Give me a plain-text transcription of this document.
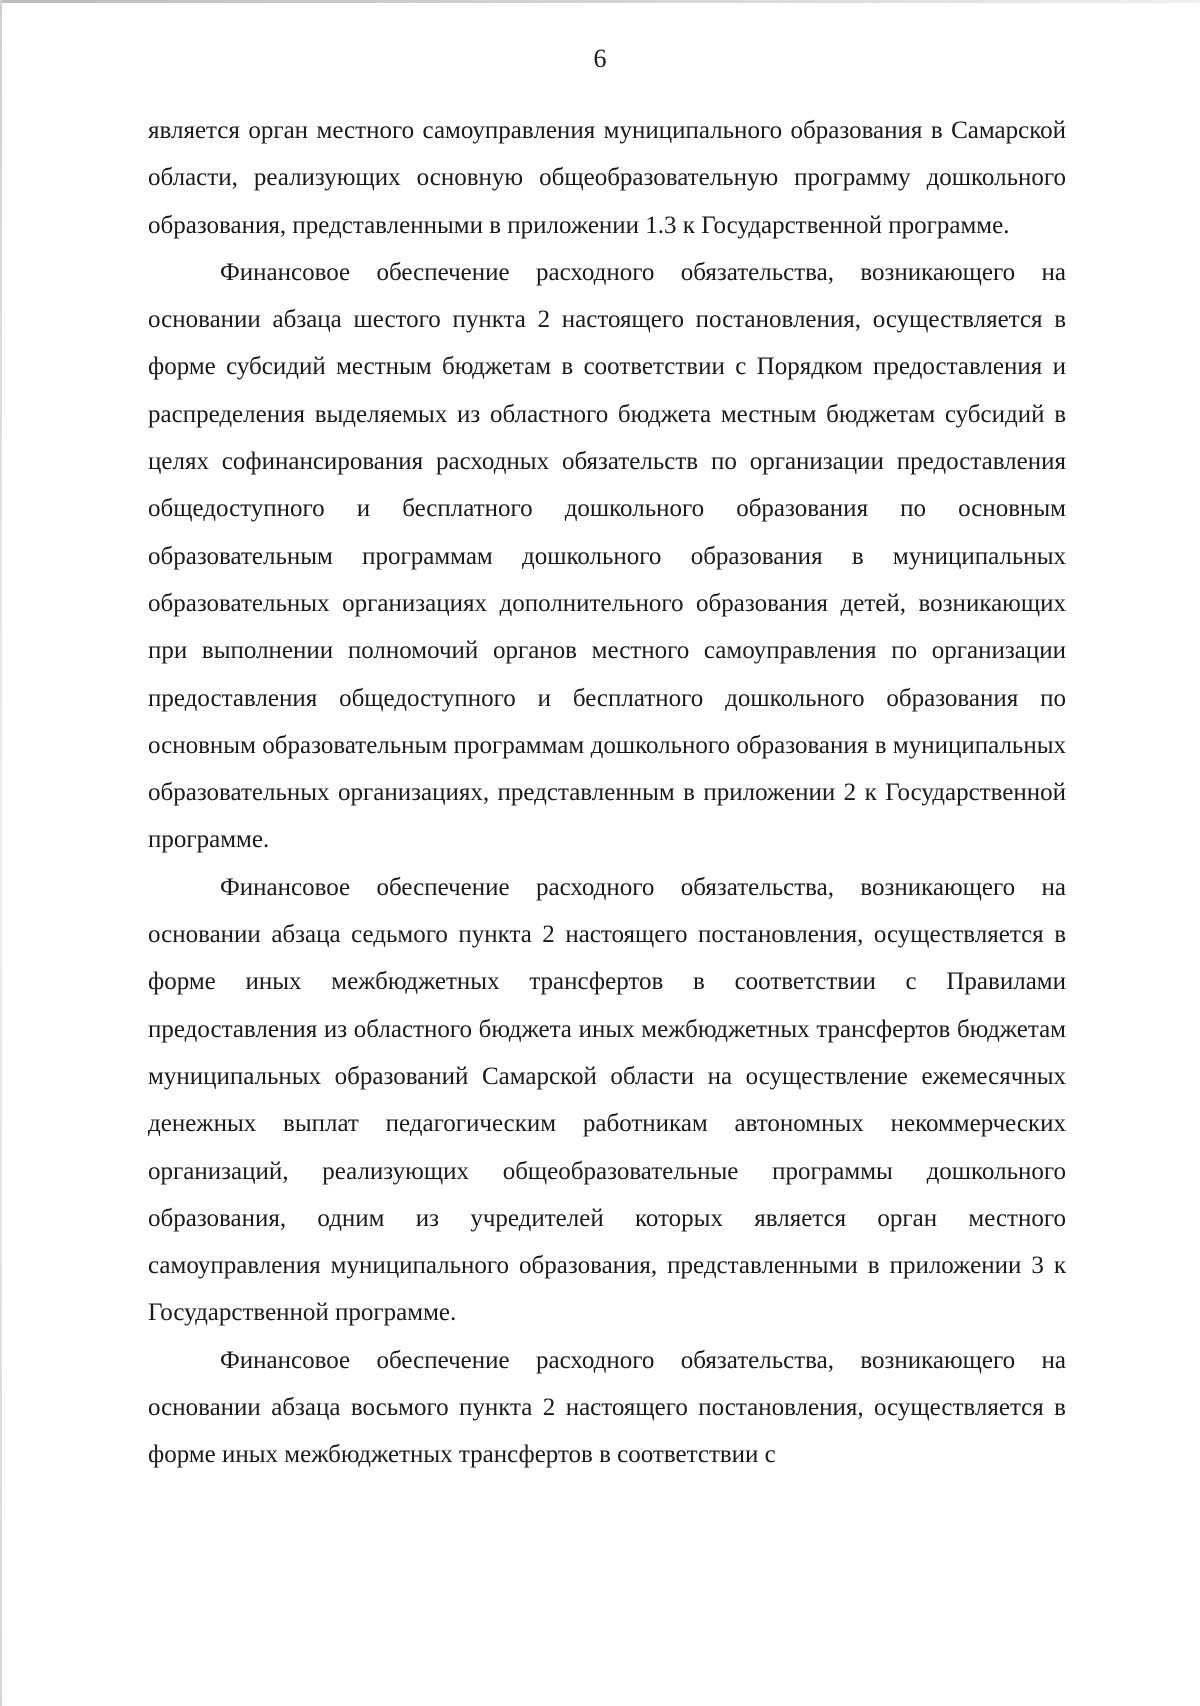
6

является орган местного самоуправления муниципального образования в Самарской области, реализующих основную общеобразовательную программу дошкольного образования, представленными в приложении 1.3 к Государственной программе.

Финансовое обеспечение расходного обязательства, возникающего на основании абзаца шестого пункта 2 настоящего постановления, осуществляется в форме субсидий местным бюджетам в соответствии с Порядком предоставления и распределения выделяемых из областного бюджета местным бюджетам субсидий в целях софинансирования расходных обязательств по организации предоставления общедоступного и бесплатного дошкольного образования по основным образовательным программам дошкольного образования в муниципальных образовательных организациях дополнительного образования детей, возникающих при выполнении полномочий органов местного самоуправления по организации предоставления общедоступного и бесплатного дошкольного образования по основным образовательным программам дошкольного образования в муниципальных образовательных организациях, представленным в приложении 2 к Государственной программе.

Финансовое обеспечение расходного обязательства, возникающего на основании абзаца седьмого пункта 2 настоящего постановления, осуществляется в форме иных межбюджетных трансфертов в соответствии с Правилами предоставления из областного бюджета иных межбюджетных трансфертов бюджетам муниципальных образований Самарской области на осуществление ежемесячных денежных выплат педагогическим работникам автономных некоммерческих организаций, реализующих общеобразовательные программы дошкольного образования, одним из учредителей которых является орган местного самоуправления муниципального образования, представленными в приложении 3 к Государственной программе.

Финансовое обеспечение расходного обязательства, возникающего на основании абзаца восьмого пункта 2 настоящего постановления, осуществляется в форме иных межбюджетных трансфертов в соответствии с
